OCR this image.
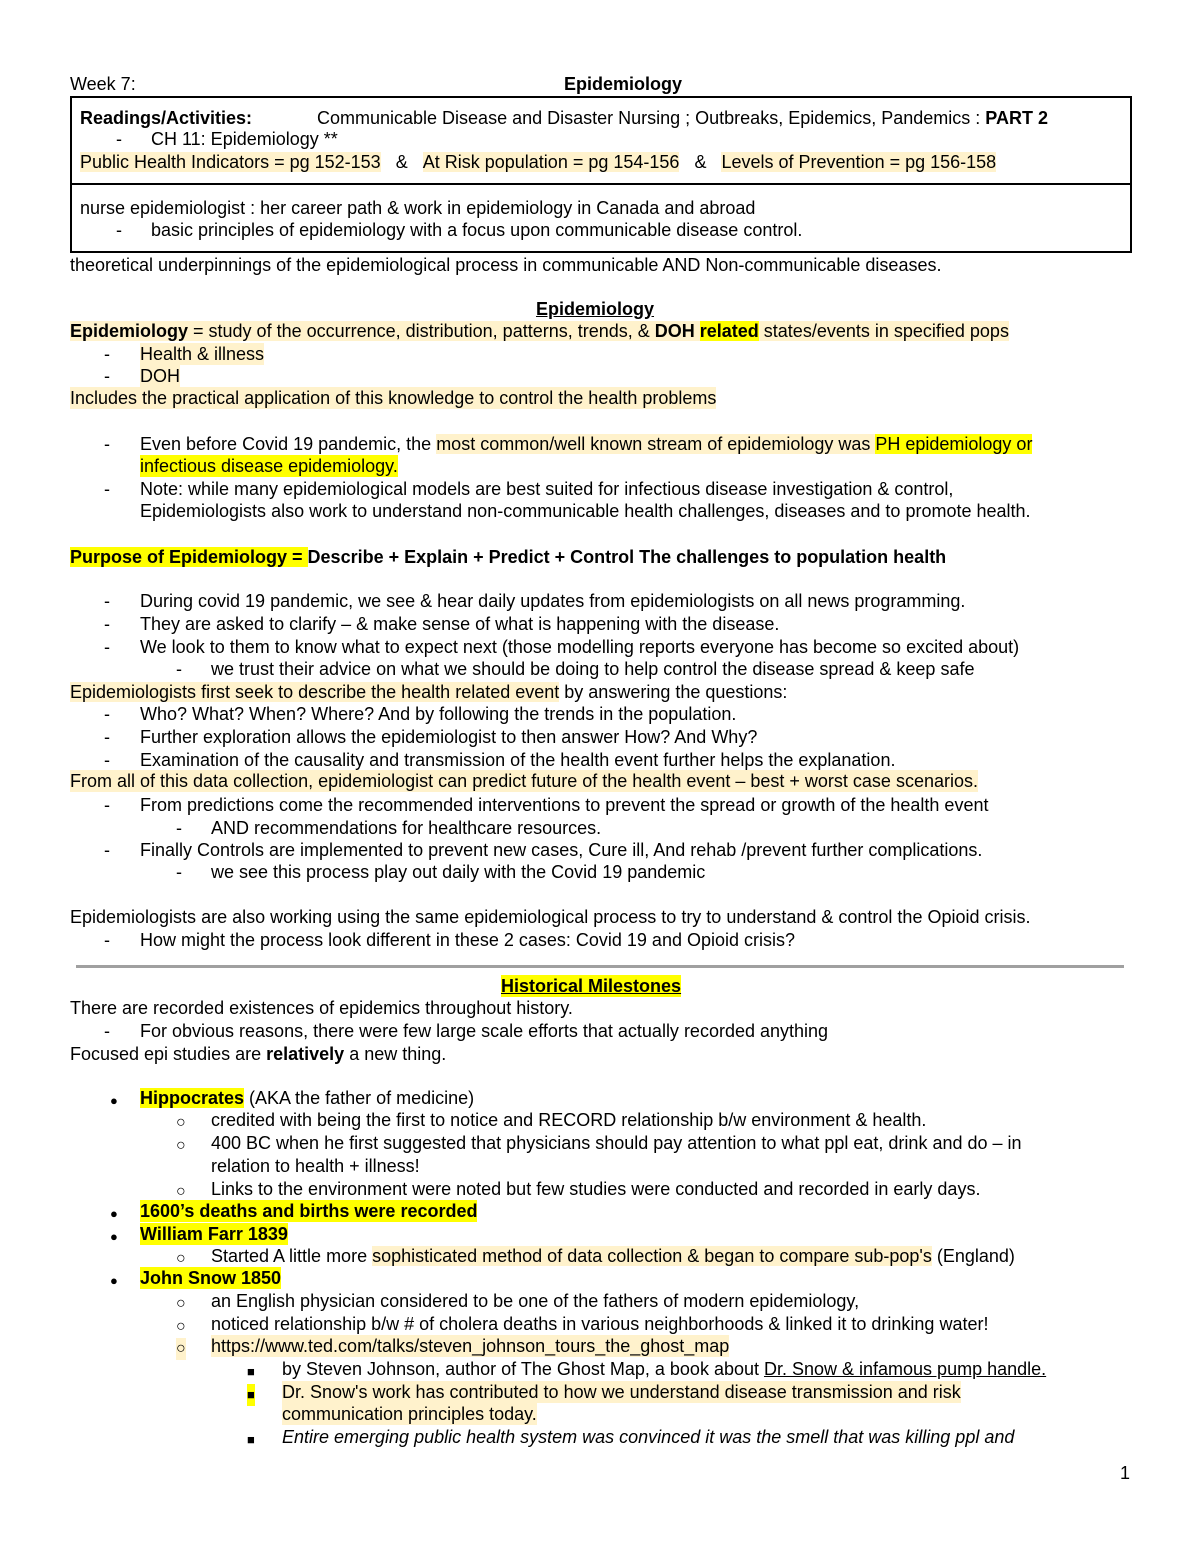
Week 7:	Epidemiology
Readings/Activities:	Communicable Disease and Disaster Nursing ; Outbreaks, Epidemics, Pandemics : PART 2
- CH 11: Epidemiology **
Public Health Indicators = pg 152-153 & At Risk population = pg 154-156 & Levels of Prevention = pg 156-158
nurse epidemiologist : her career path & work in epidemiology in Canada and abroad
- basic principles of epidemiology with a focus upon communicable disease control.
theoretical underpinnings of the epidemiological process in communicable AND Non-communicable diseases.
Epidemiology
Epidemiology = study of the occurrence, distribution, patterns, trends, & DOH related states/events in specified pops
- Health & illness
- DOH
Includes the practical application of this knowledge to control the health problems
- Even before Covid 19 pandemic, the most common/well known stream of epidemiology was PH epidemiology or
infectious disease epidemiology.
- Note: while many epidemiological models are best suited for infectious disease investigation & control,
Epidemiologists also work to understand non-communicable health challenges, diseases and to promote health.
Purpose of Epidemiology = Describe + Explain + Predict + Control The challenges to population health
- During covid 19 pandemic, we see & hear daily updates from epidemiologists on all news programming.
- They are asked to clarify – & make sense of what is happening with the disease.
- We look to them to know what to expect next (those modelling reports everyone has become so excited about)
- we trust their advice on what we should be doing to help control the disease spread & keep safe
Epidemiologists first seek to describe the health related event by answering the questions:
- Who? What? When? Where? And by following the trends in the population.
- Further exploration allows the epidemiologist to then answer How? And Why?
- Examination of the causality and transmission of the health event further helps the explanation.
From all of this data collection, epidemiologist can predict future of the health event – best + worst case scenarios.
- From predictions come the recommended interventions to prevent the spread or growth of the health event
- AND recommendations for healthcare resources.
- Finally Controls are implemented to prevent new cases, Cure ill, And rehab /prevent further complications.
- we see this process play out daily with the Covid 19 pandemic
Epidemiologists are also working using the same epidemiological process to try to understand & control the Opioid crisis.
- How might the process look different in these 2 cases: Covid 19 and Opioid crisis?
Historical Milestones
There are recorded existences of epidemics throughout history.
- For obvious reasons, there were few large scale efforts that actually recorded anything
Focused epi studies are relatively a new thing.
● Hippocrates (AKA the father of medicine)
○ credited with being the first to notice and RECORD relationship b/w environment & health.
○ 400 BC when he first suggested that physicians should pay attention to what ppl eat, drink and do – in
relation to health + illness!
○ Links to the environment were noted but few studies were conducted and recorded in early days.
● 1600’s deaths and births were recorded
● William Farr 1839
○ Started A little more sophisticated method of data collection & began to compare sub-pop's (England)
● John Snow 1850
○ an English physician considered to be one of the fathers of modern epidemiology,
○ noticed relationship b/w # of cholera deaths in various neighborhoods & linked it to drinking water!
○ https://www.ted.com/talks/steven_johnson_tours_the_ghost_map
■ by Steven Johnson, author of The Ghost Map, a book about Dr. Snow & infamous pump handle.
■ Dr. Snow's work has contributed to how we understand disease transmission and risk
communication principles today.
■ Entire emerging public health system was convinced it was the smell that was killing ppl and
1
